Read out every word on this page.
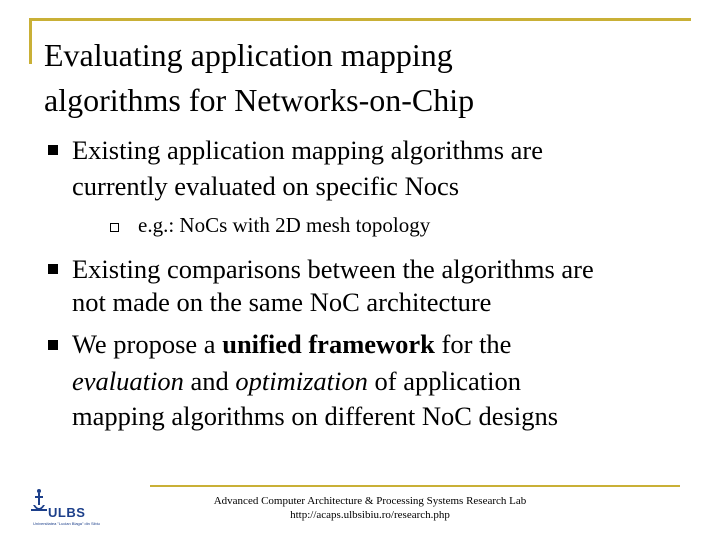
Evaluating application mapping
algorithms for Networks-on-Chip
Existing application mapping algorithms are
currently evaluated on specific Noсs
e.g.: NoCs with 2D mesh topology
Existing comparisons between the algorithms are
not made on the same NoC architecture
We propose a unified framework for the
evaluation and optimization of application
mapping algorithms on different NoC designs
Advanced Computer Architecture & Processing Systems Research Lab
http://acaps.ulbsibiu.ro/research.php
ULBS
Universitatea "Lucian Blaga" din Sibiu
